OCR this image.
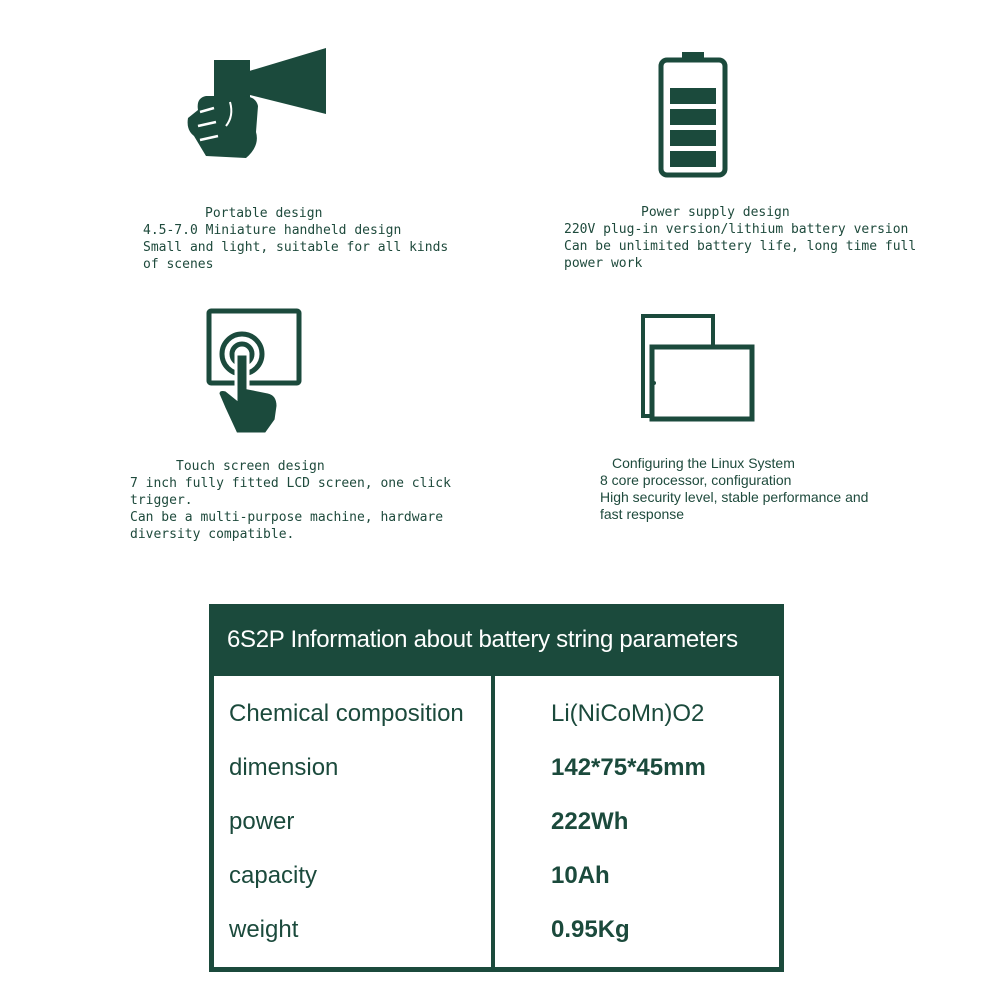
Portable design
4.5-7.0 Miniature handheld design
Small and light, suitable for all kinds
of scenes
Power supply design
220V plug-in version/lithium battery version
Can be unlimited battery life, long time full
power work
Touch screen design
7 inch fully fitted LCD screen, one click
trigger.
Can be a multi-purpose machine, hardware
diversity compatible.
Configuring the Linux System
8 core processor, configuration
High security level, stable performance and
fast response
6S2P Information about battery string parameters
Chemical composition	Li(NiCoMn)O2
dimension	142*75*45mm
power	222Wh
capacity	10Ah
weight	0.95Kg
